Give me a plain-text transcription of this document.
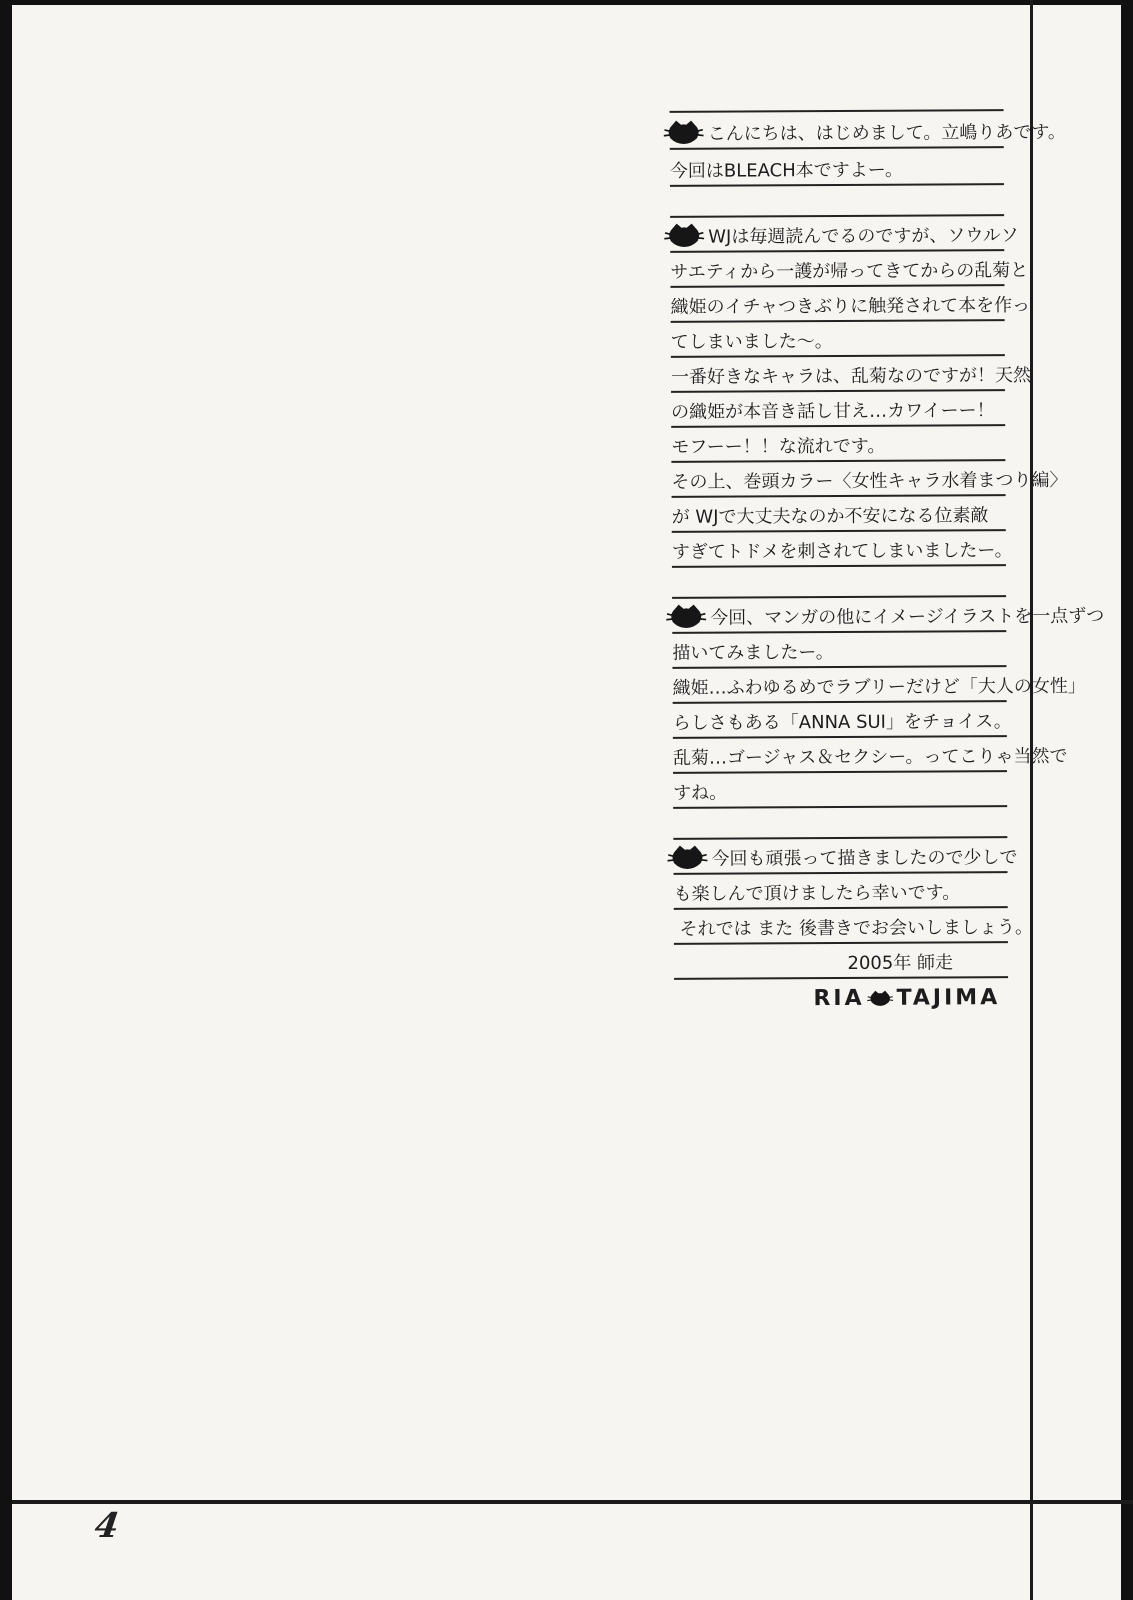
4
こんにちは、はじめまして。立嶋りあです。
今回はBLEACH本ですよー。
WJは毎週読んでるのですが、ソウルソ
サエティから一護が帰ってきてからの乱菊と
織姫のイチャつきぶりに触発されて本を作っ
てしまいました〜。
一番好きなキャラは、乱菊なのですが！天然
の織姫が本音き話し甘え…カワイーー！
モフーー！！な流れです。
その上、巻頭カラー〈女性キャラ水着まつり編〉
が WJで大丈夫なのか不安になる位素敵
すぎてトドメを刺されてしまいましたー。
今回、マンガの他にイメージイラストを一点ずつ
描いてみましたー。
織姫…ふわゆるめでラブリーだけど「大人の女性」
らしさもある「ANNA SUI」をチョイス。
乱菊…ゴージャス＆セクシー。ってこりゃ当然で
すね。
今回も頑張って描きましたので少しで
も楽しんで頂けましたら幸いです。
それでは また 後書きでお会いしましょう。
2005年 師走
RIA TAJIMA
